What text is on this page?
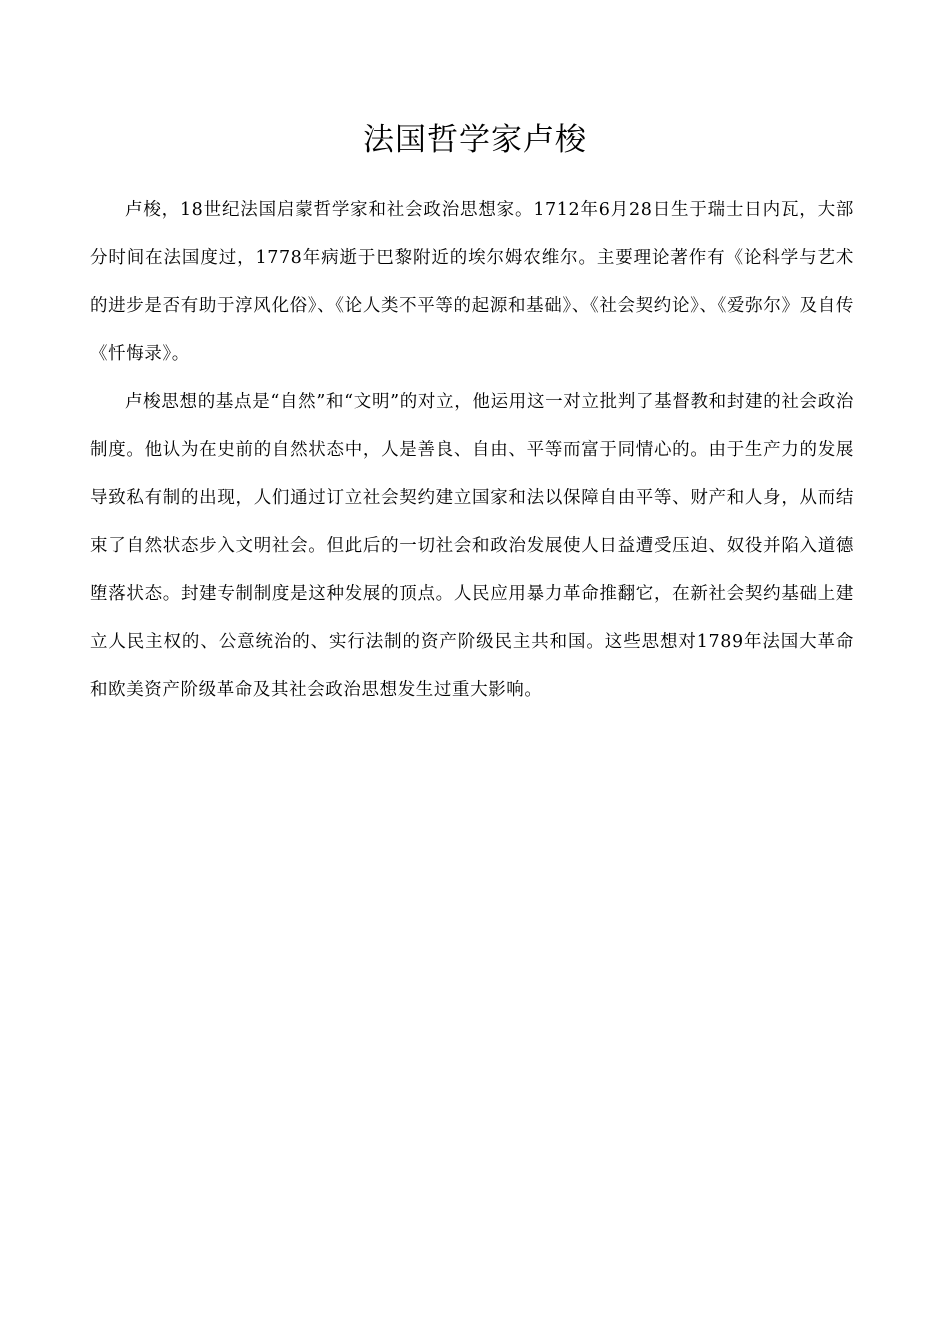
法国哲学家卢梭

卢梭，18世纪法国启蒙哲学家和社会政治思想家。1712年6月28日生于瑞士日内瓦，大部分时间在法国度过，1778年病逝于巴黎附近的埃尔姆农维尔。主要理论著作有《论科学与艺术的进步是否有助于淳风化俗》、《论人类不平等的起源和基础》、《社会契约论》、《爱弥尔》及自传《忏悔录》。

卢梭思想的基点是“自然”和“文明”的对立，他运用这一对立批判了基督教和封建的社会政治制度。他认为在史前的自然状态中，人是善良、自由、平等而富于同情心的。由于生产力的发展导致私有制的出现，人们通过订立社会契约建立国家和法以保障自由平等、财产和人身，从而结束了自然状态步入文明社会。但此后的一切社会和政治发展使人日益遭受压迫、奴役并陷入道德堕落状态。封建专制制度是这种发展的顶点。人民应用暴力革命推翻它，在新社会契约基础上建立人民主权的、公意统治的、实行法制的资产阶级民主共和国。这些思想对1789年法国大革命和欧美资产阶级革命及其社会政治思想发生过重大影响。
